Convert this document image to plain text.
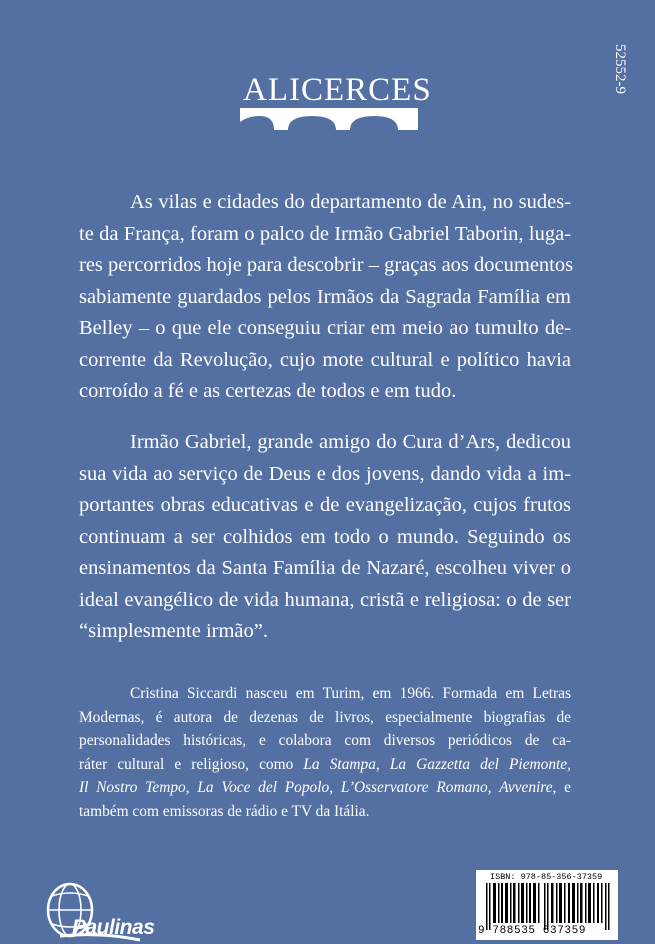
ALICERCES	52552-9
As vilas e cidades do departamento de Ain, no sudes-
te da França, foram o palco de Irmão Gabriel Taborin, luga-
res percorridos hoje para descobrir – graças aos documentos
sabiamente guardados pelos Irmãos da Sagrada Família em
Belley – o que ele conseguiu criar em meio ao tumulto de-
corrente da Revolução, cujo mote cultural e político havia
corroído a fé e as certezas de todos e em tudo.
Irmão Gabriel, grande amigo do Cura d’Ars, dedicou
sua vida ao serviço de Deus e dos jovens, dando vida a im-
portantes obras educativas e de evangelização, cujos frutos
continuam a ser colhidos em todo o mundo. Seguindo os
ensinamentos da Santa Família de Nazaré, escolheu viver o
ideal evangélico de vida humana, cristã e religiosa: o de ser
“simplesmente irmão”.
Cristina Siccardi nasceu em Turim, em 1966. Formada em Letras
Modernas, é autora de dezenas de livros, especialmente biografias de
personalidades históricas, e colabora com diversos periódicos de ca-
ráter cultural e religioso, como La Stampa, La Gazzetta del Piemonte,
Il Nostro Tempo, La Voce del Popolo, L’Osservatore Romano, Avvenire, e
também com emissoras de rádio e TV da Itália.
Paulinas
ISBN: 978-85-356-37359
9 788535 637359
